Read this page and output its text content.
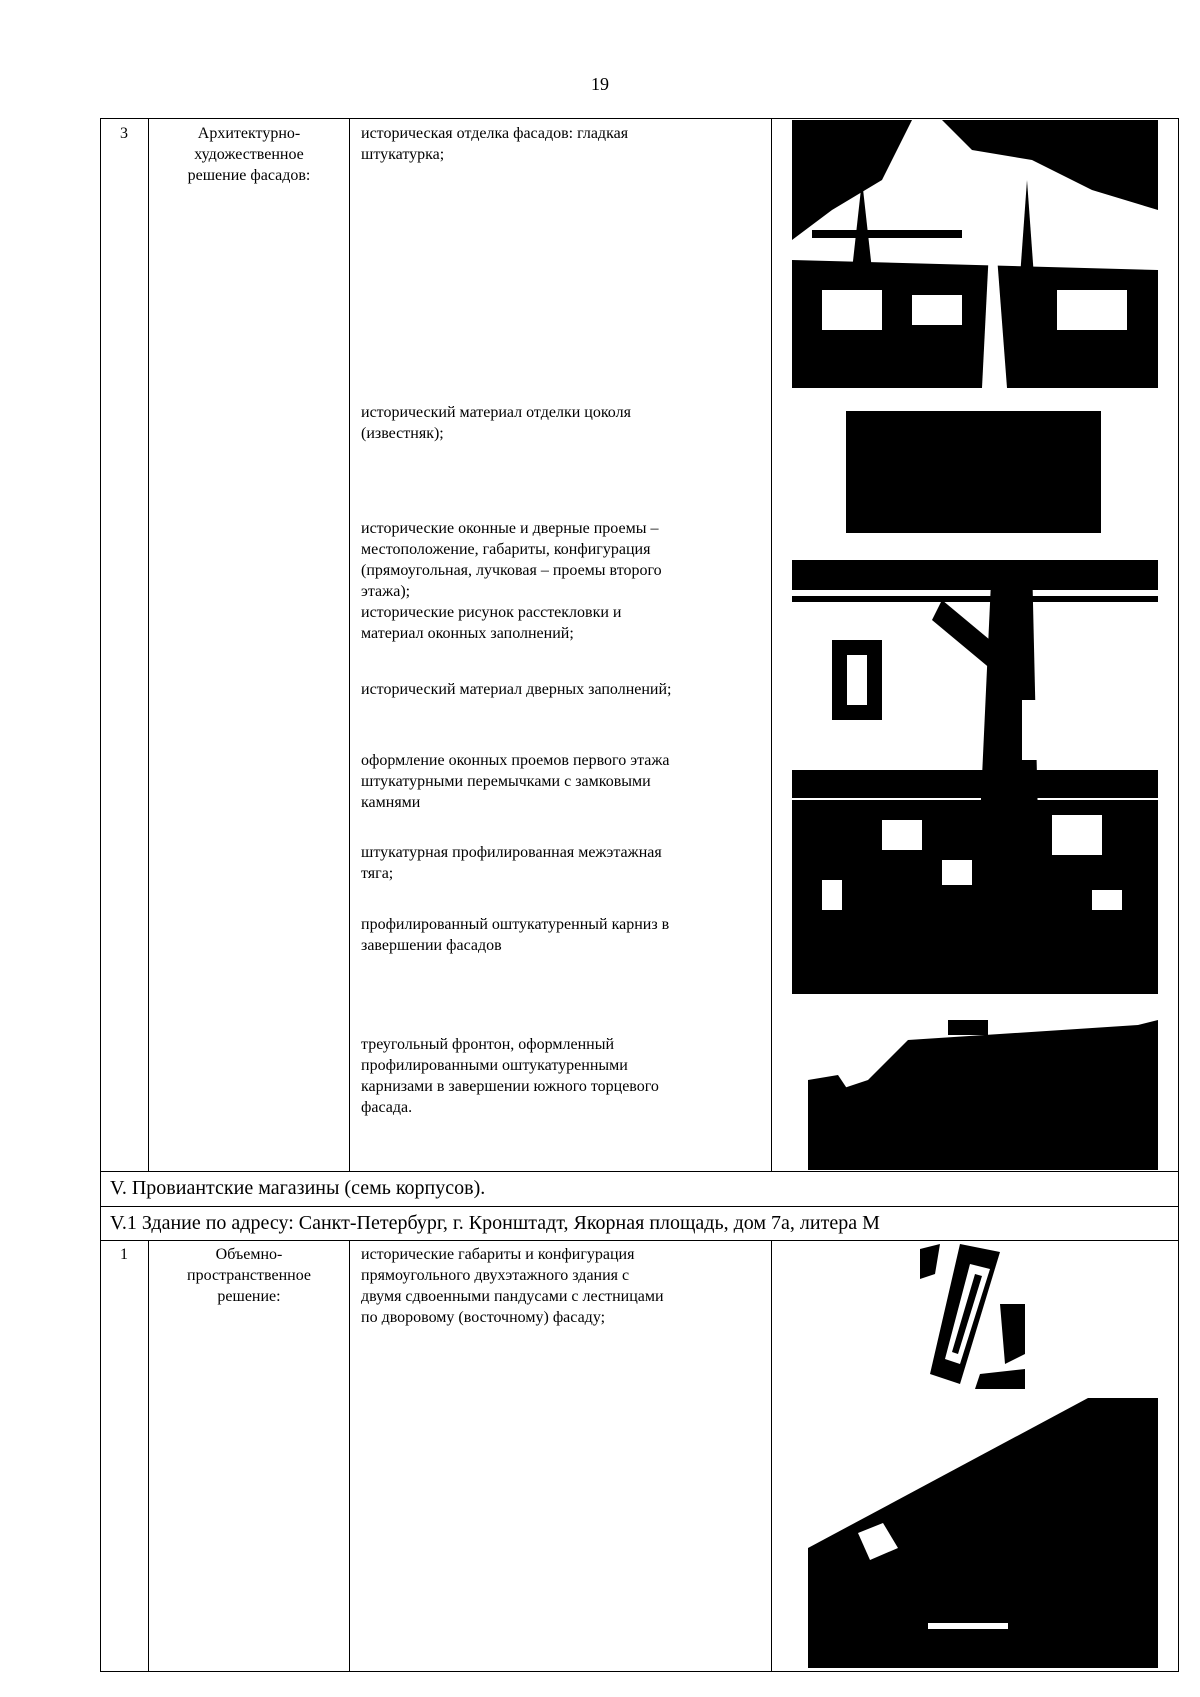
19
3	Архитектурно-
художественное
решение фасадов:
историческая отделка фасадов: гладкая
штукатурка;
исторический материал отделки цоколя
(известняк);
исторические оконные и дверные проемы –
местоположение, габариты, конфигурация
(прямоугольная, лучковая – проемы второго
этажа);
исторические рисунок расстекловки и
материал оконных заполнений;
исторический материал дверных заполнений;
оформление оконных проемов первого этажа
штукатурными перемычками с замковыми
камнями
штукатурная профилированная межэтажная
тяга;
профилированный оштукатуренный карниз в
завершении фасадов
треугольный фронтон, оформленный
профилированными оштукатуренными
карнизами в завершении южного торцевого
фасада.
V. Провиантские магазины (семь корпусов).
V.1 Здание по адресу: Санкт-Петербург, г. Кронштадт, Якорная площадь, дом 7а, литера М
1	Объемно-
пространственное
решение:
исторические габариты и конфигурация
прямоугольного двухэтажного здания с
двумя сдвоенными пандусами с лестницами
по дворовому (восточному) фасаду;
